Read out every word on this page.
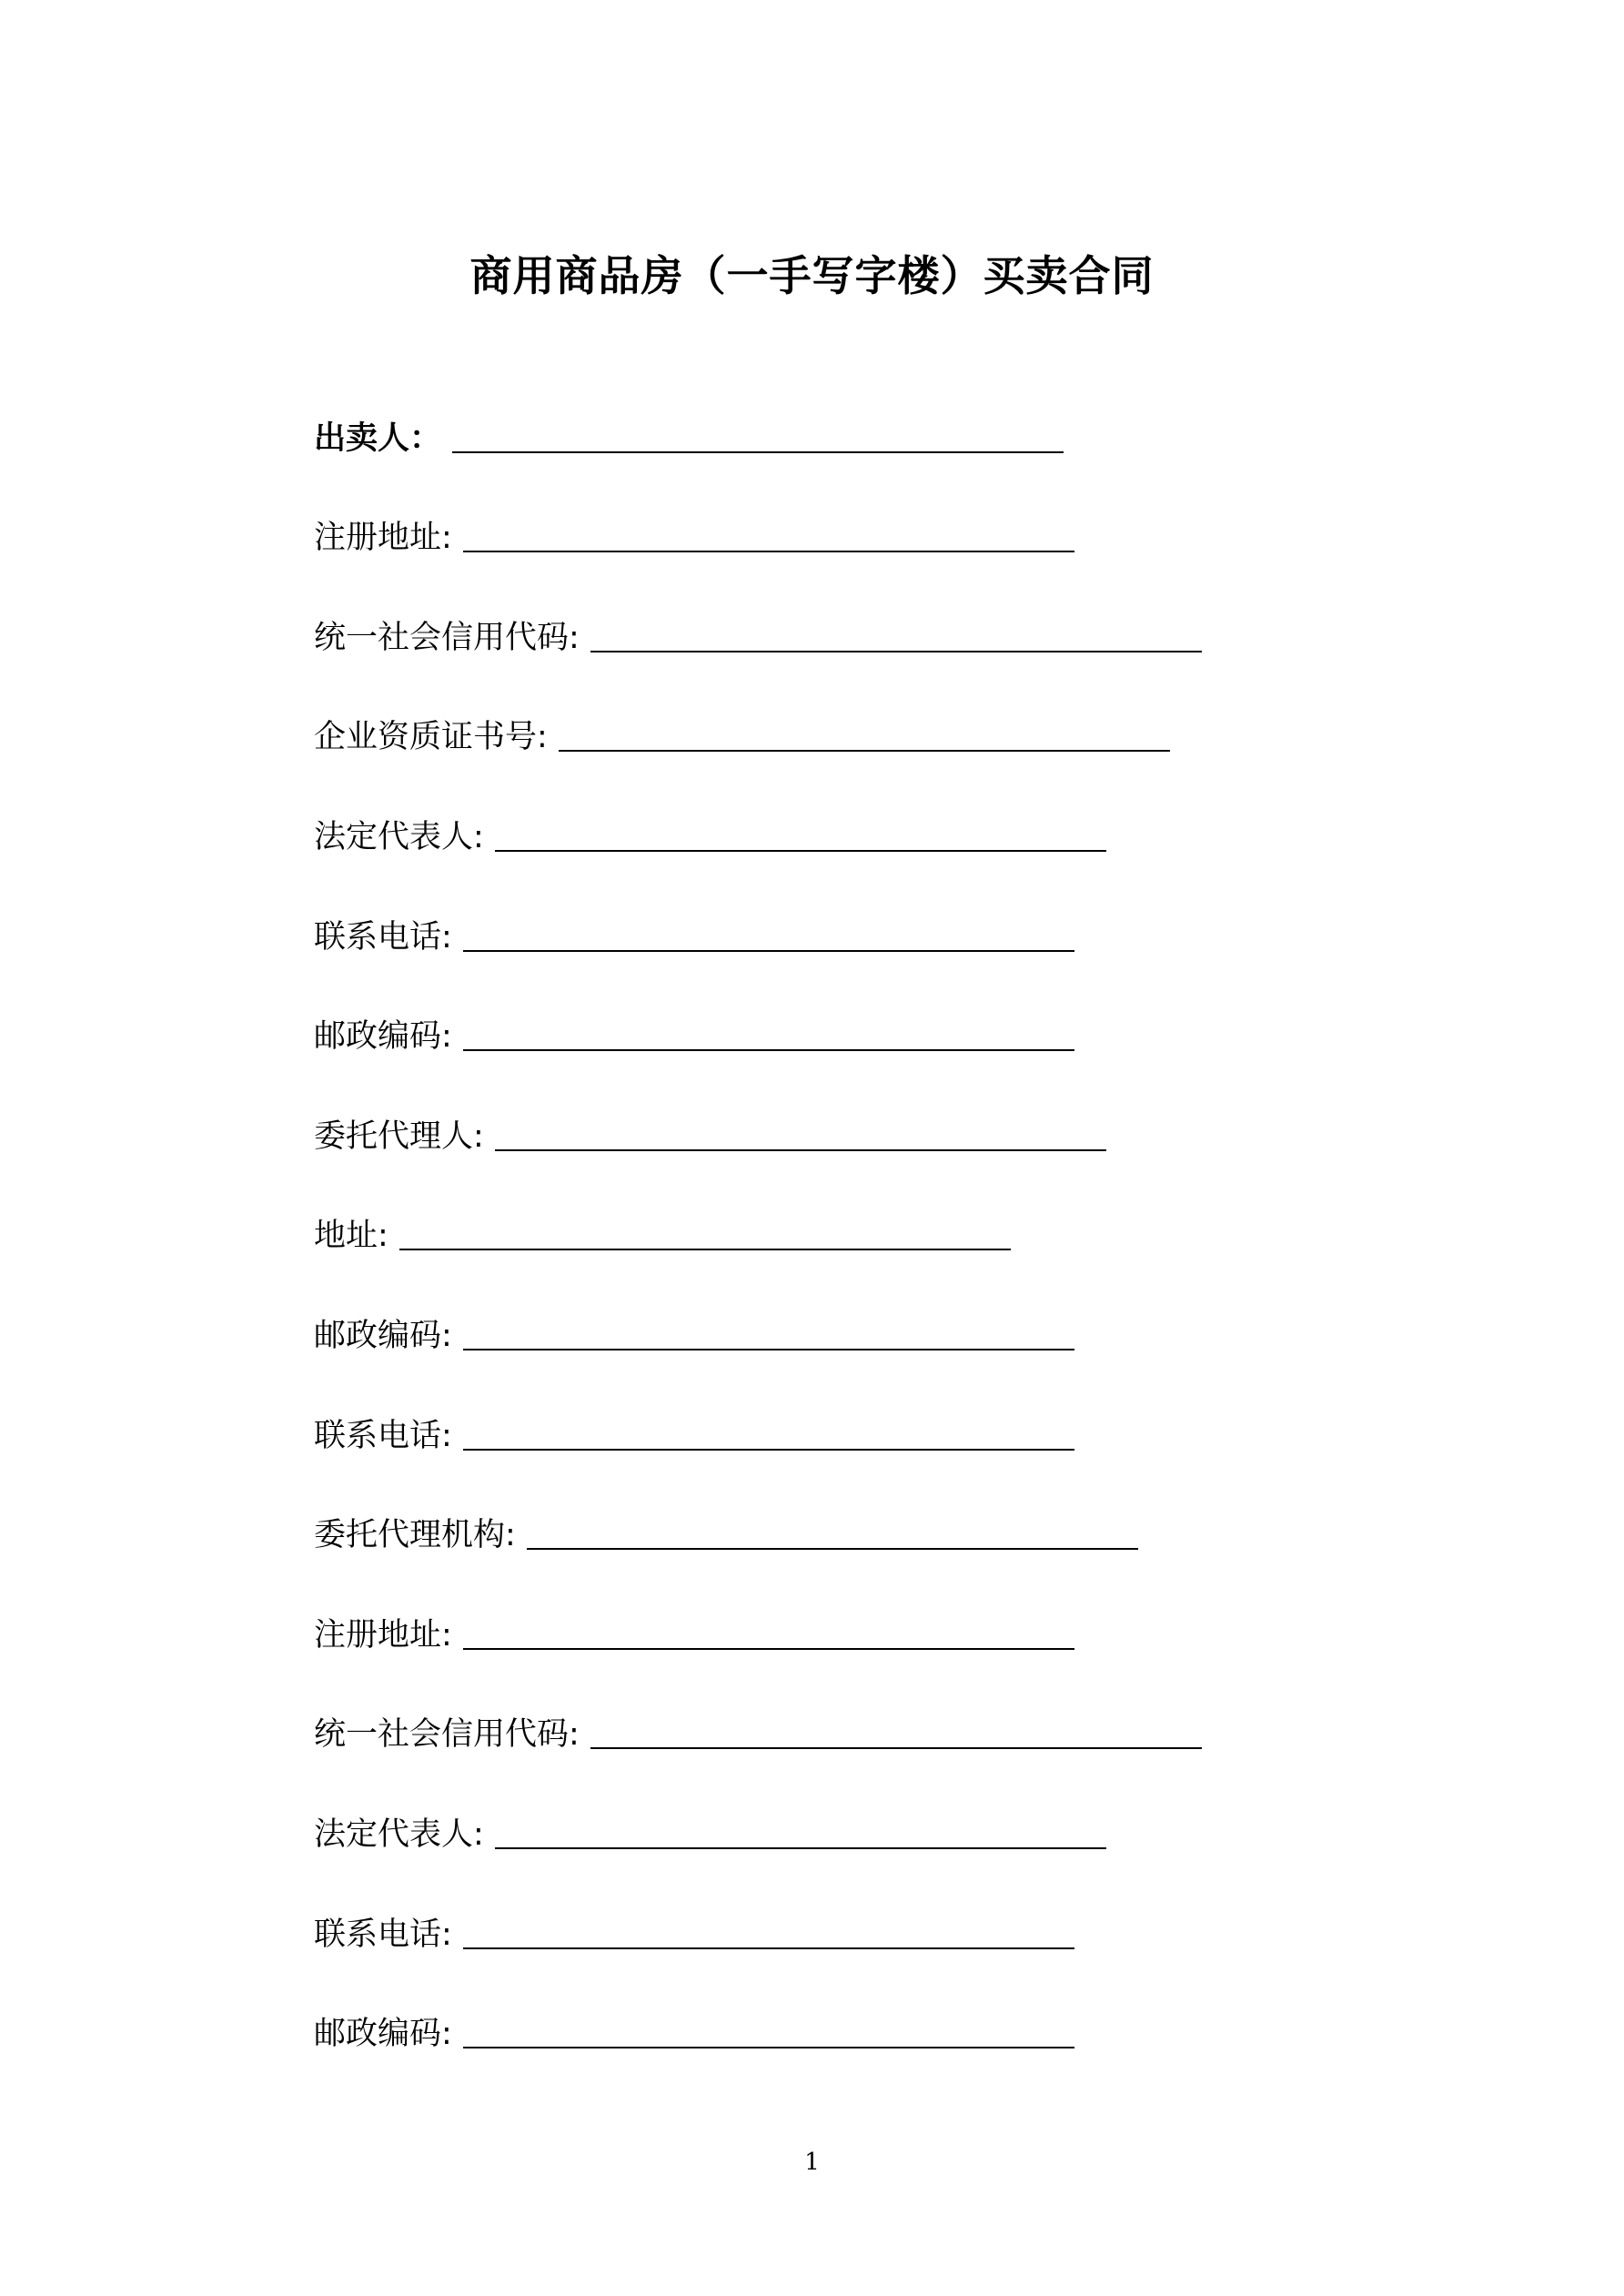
商用商品房（一手写字楼）买卖合同
出卖人：
注册地址:
统一社会信用代码:
企业资质证书号:
法定代表人:
联系电话:
邮政编码:
委托代理人:
地址:
邮政编码:
联系电话:
委托代理机构:
注册地址:
统一社会信用代码:
法定代表人:
联系电话:
邮政编码:
1
